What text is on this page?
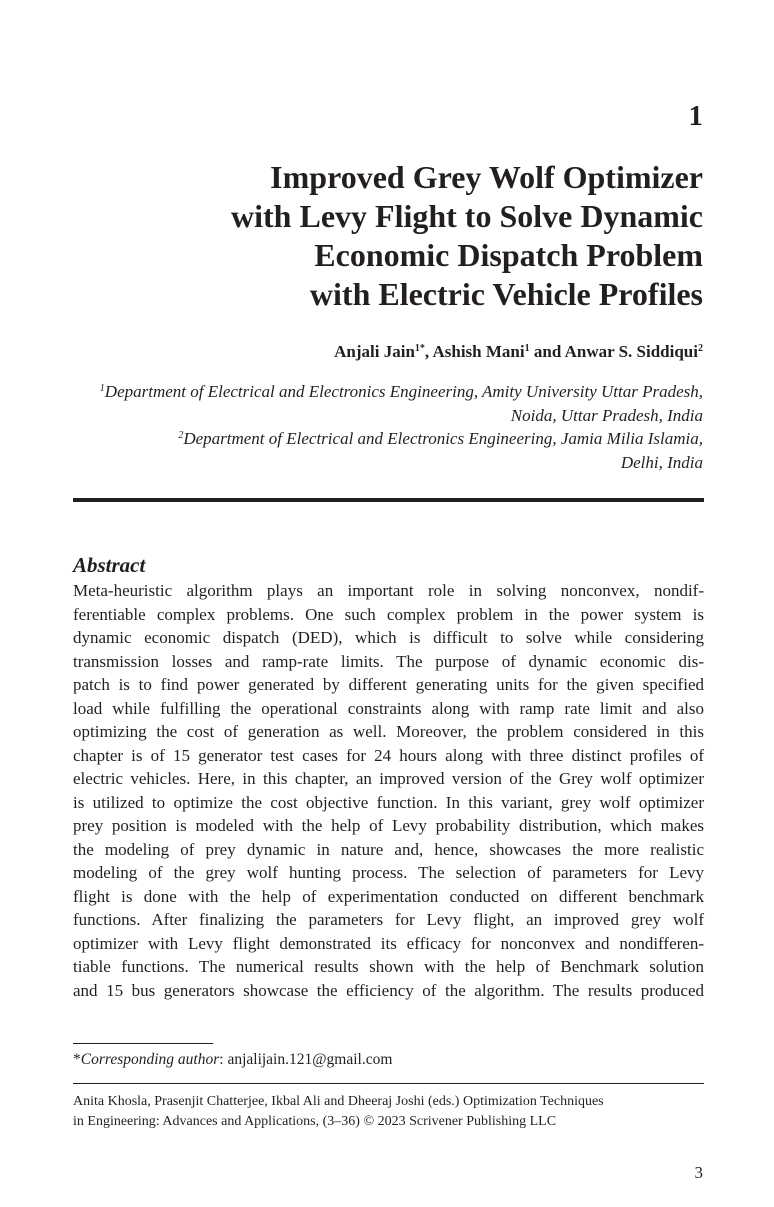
1
Improved Grey Wolf Optimizer
with Levy Flight to Solve Dynamic
Economic Dispatch Problem
with Electric Vehicle Profiles
Anjali Jain$^{1*}$, Ashish Mani$^1$ and Anwar S. Siddiqui$^2$
$^1$Department of Electrical and Electronics Engineering, Amity University Uttar Pradesh,
Noida, Uttar Pradesh, India
$^2$Department of Electrical and Electronics Engineering, Jamia Milia Islamia,
Delhi, India
Abstract
Meta-heuristic algorithm plays an important role in solving nonconvex, nondif-
ferentiable complex problems. One such complex problem in the power system is
dynamic economic dispatch (DED), which is difficult to solve while considering
transmission losses and ramp-rate limits. The purpose of dynamic economic dis-
patch is to find power generated by different generating units for the given specified
load while fulfilling the operational constraints along with ramp rate limit and also
optimizing the cost of generation as well. Moreover, the problem considered in this
chapter is of 15 generator test cases for 24 hours along with three distinct profiles of
electric vehicles. Here, in this chapter, an improved version of the Grey wolf optimizer
is utilized to optimize the cost objective function. In this variant, grey wolf optimizer
prey position is modeled with the help of Levy probability distribution, which makes
the modeling of prey dynamic in nature and, hence, showcases the more realistic
modeling of the grey wolf hunting process. The selection of parameters for Levy
flight is done with the help of experimentation conducted on different benchmark
functions. After finalizing the parameters for Levy flight, an improved grey wolf
optimizer with Levy flight demonstrated its efficacy for nonconvex and nondifferen-
tiable functions. The numerical results shown with the help of Benchmark solution
and 15 bus generators showcase the efficiency of the algorithm. The results produced
*Corresponding author: anjalijain.121@gmail.com
Anita Khosla, Prasenjit Chatterjee, Ikbal Ali and Dheeraj Joshi (eds.) Optimization Techniques
in Engineering: Advances and Applications, (3–36) © 2023 Scrivener Publishing LLC
3
